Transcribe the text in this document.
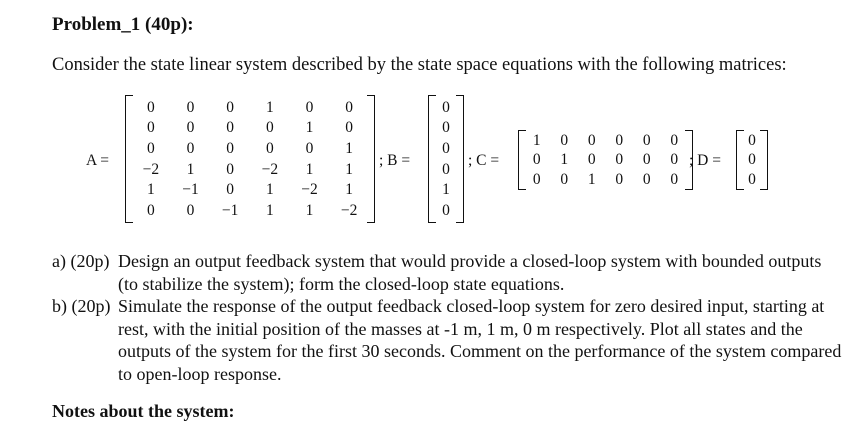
Problem_1 (40p):
Consider the state linear system described by the state space equations with the following matrices:
A =
0	0	0	1	0	0
0	0	0	0	1	0
0	0	0	0	0	1
−2	1	0	−2	1	1
1	−1	0	1	−2	1
0	0	−1	1	1	−2
; B =
0
0
0
0
1
0
; C =
1	0	0	0	0	0
0	1	0	0	0	0
0	0	1	0	0	0
; D =
0
0
0

a) (20p) Design an output feedback system that would provide a closed-loop system with bounded outputs (to stabilize the system); form the closed-loop state equations.

b) (20p) Simulate the response of the output feedback closed-loop system for zero desired input, starting at rest, with the initial position of the masses at -1 m, 1 m, 0 m respectively. Plot all states and the outputs of the system for the first 30 seconds. Comment on the performance of the system compared to open-loop response.

Notes about the system:
